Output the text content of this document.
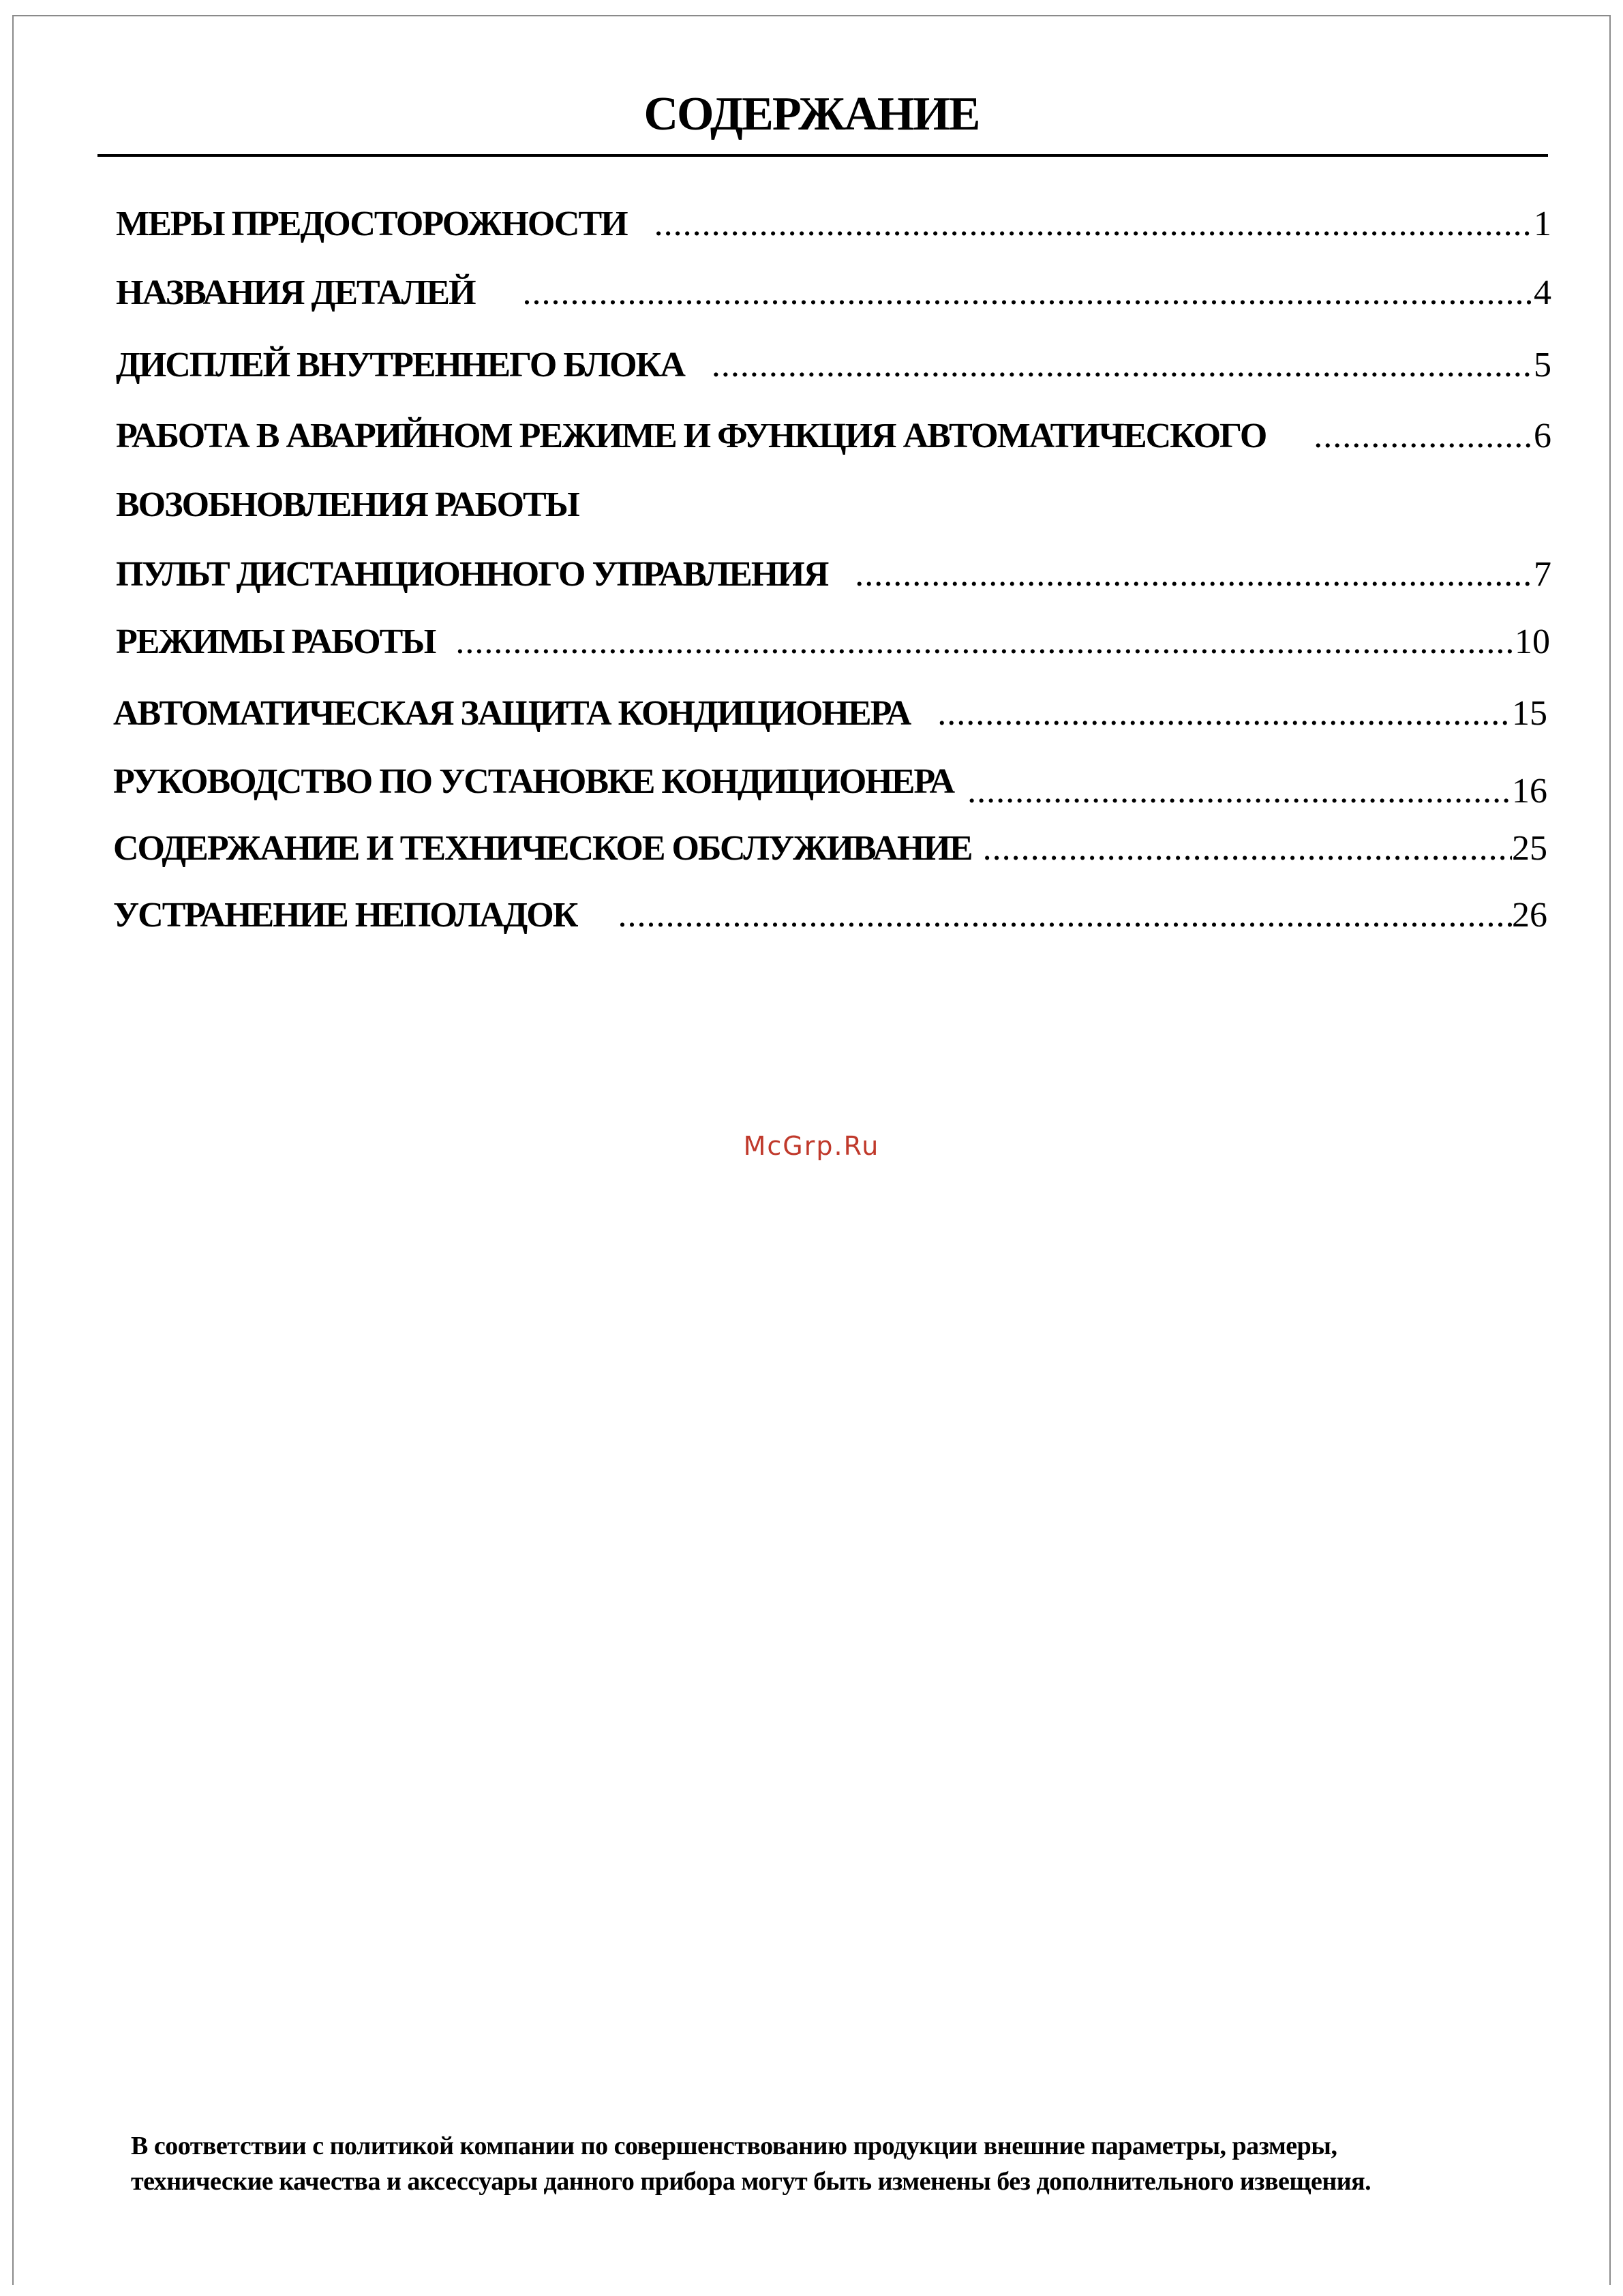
СОДЕРЖАНИЕ
МЕРЫ ПРЕДОСТОРОЖНОСТИ .....	1
НАЗВАНИЯ ДЕТАЛЕЙ .....	4
ДИСПЛЕЙ ВНУТРЕННЕГО БЛОКА .....	5
РАБОТА В АВАРИЙНОМ РЕЖИМЕ И ФУНКЦИЯ АВТОМАТИЧЕСКОГО .....	6
ВОЗОБНОВЛЕНИЯ РАБОТЫ
ПУЛЬТ ДИСТАНЦИОННОГО УПРАВЛЕНИЯ .....	7
РЕЖИМЫ РАБОТЫ .....	10
АВТОМАТИЧЕСКАЯ ЗАЩИТА КОНДИЦИОНЕРА .....	15
РУКОВОДСТВО ПО УСТАНОВКЕ КОНДИЦИОНЕРА .....	16
СОДЕРЖАНИЕ И ТЕХНИЧЕСКОЕ ОБСЛУЖИВАНИЕ .....	25
УСТРАНЕНИЕ НЕПОЛАДОК .....	26
McGrp.Ru
В соответствии с политикой компании по совершенствованию продукции внешние параметры, размеры,
технические качества и аксессуары данного прибора могут быть изменены без дополнительного извещения.
